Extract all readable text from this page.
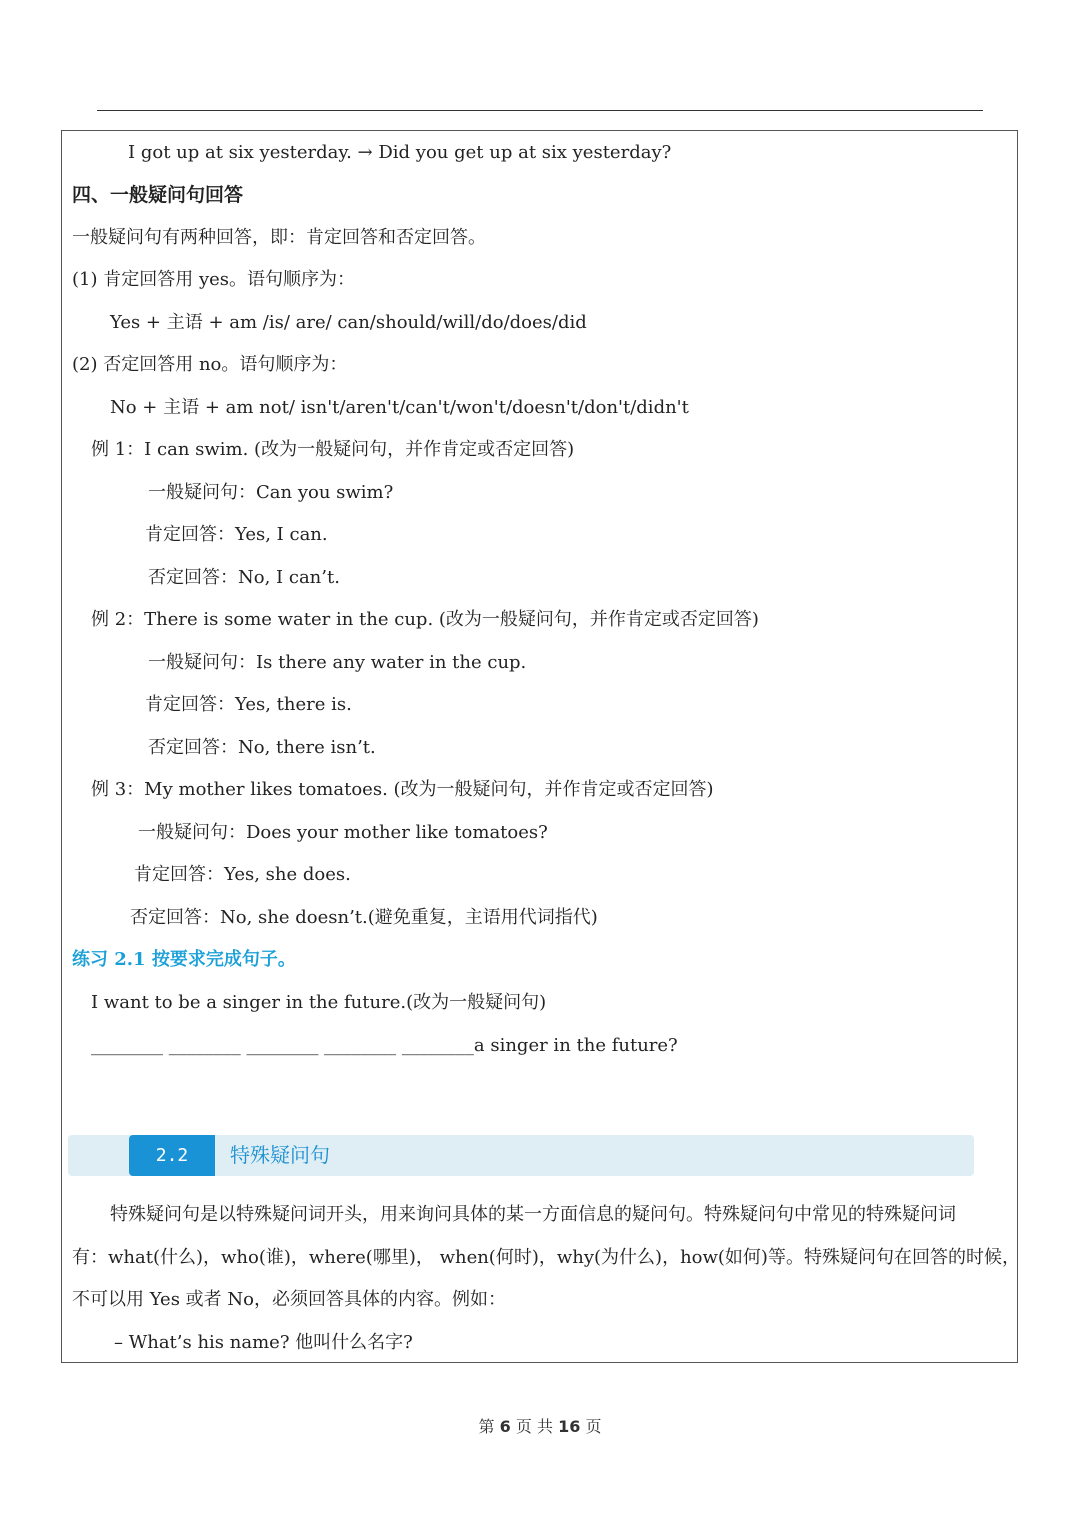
I got up at six yesterday. → Did you get up at six yesterday?
四、一般疑问句回答
一般疑问句有两种回答，即：肯定回答和否定回答。
(1) 肯定回答用 yes。语句顺序为：
Yes + 主语 + am /is/ are/ can/should/will/do/does/did
(2) 否定回答用 no。语句顺序为：
No + 主语 + am not/ isn't/aren't/can't/won't/doesn't/don't/didn't
例 1：I can swim. (改为一般疑问句，并作肯定或否定回答)
一般疑问句：Can you swim?
肯定回答：Yes, I can.
否定回答：No, I can’t.
例 2：There is some water in the cup. (改为一般疑问句，并作肯定或否定回答)
一般疑问句：Is there any water in the cup.
肯定回答：Yes, there is.
否定回答：No, there isn’t.
例 3：My mother likes tomatoes. (改为一般疑问句，并作肯定或否定回答)
一般疑问句：Does your mother like tomatoes?
肯定回答：Yes, she does.
否定回答：No, she doesn’t.(避免重复，主语用代词指代)
练习 2.1 按要求完成句子。
I want to be a singer in the future.(改为一般疑问句)
________ ________ ________ ________ ________a singer in the future?
2.2	特殊疑问句
特殊疑问句是以特殊疑问词开头，用来询问具体的某一方面信息的疑问句。特殊疑问句中常见的特殊疑问词
有：what(什么)，who(谁)，where(哪里)， when(何时)，why(为什么)，how(如何)等。特殊疑问句在回答的时候，
不可以用 Yes 或者 No，必须回答具体的内容。例如：
– What’s his name? 他叫什么名字?
第 6 页 共 16 页
